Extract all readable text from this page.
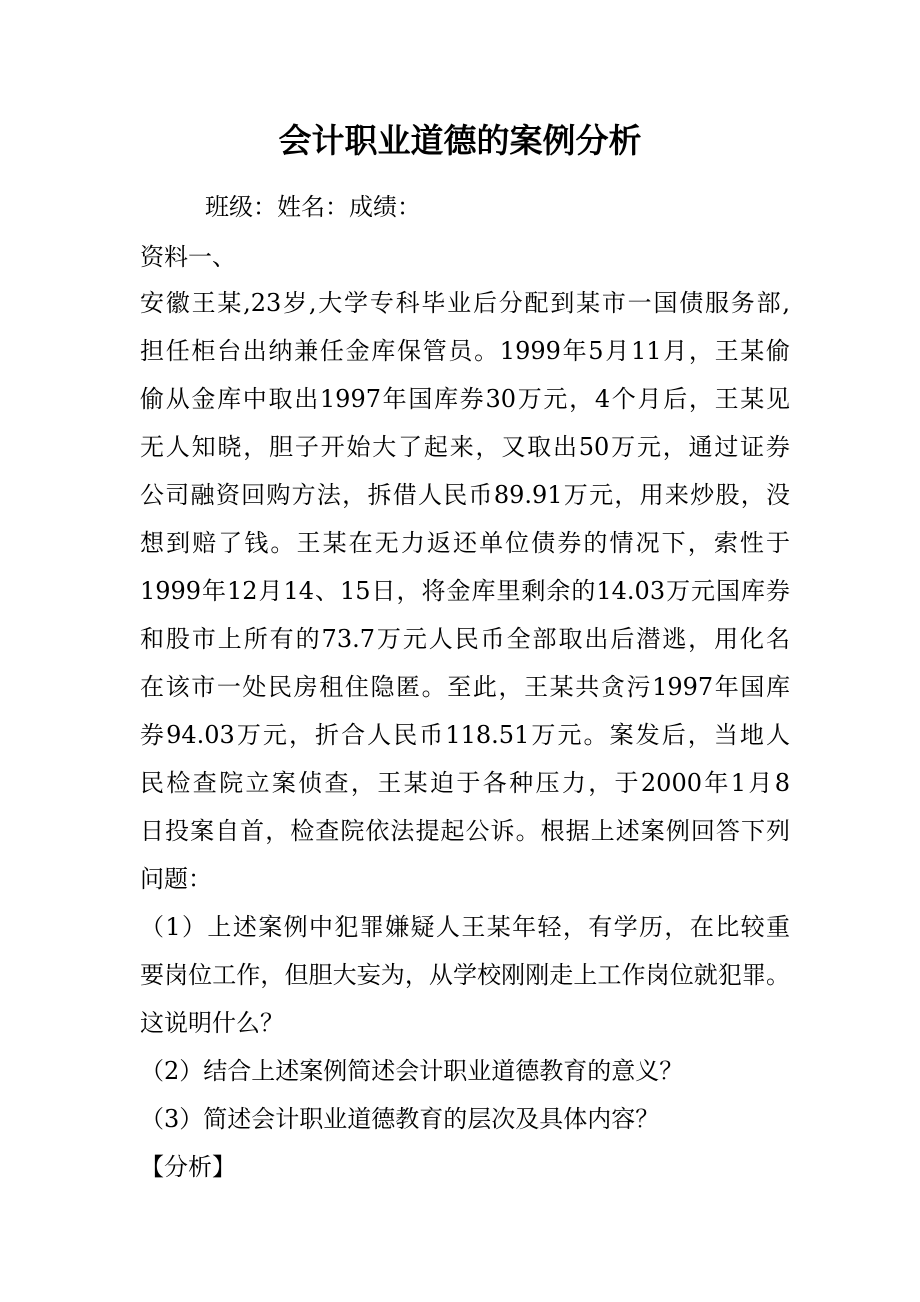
会计职业道德的案例分析
班级：姓名：成绩：
资料一、
安徽王某,23岁,大学专科毕业后分配到某市一国债服务部,
担任柜台出纳兼任金库保管员。1999年5月11月，王某偷
偷从金库中取出1997年国库券30万元，4个月后，王某见
无人知晓，胆子开始大了起来，又取出50万元，通过证券
公司融资回购方法，拆借人民币89.91万元，用来炒股，没
想到赔了钱。王某在无力返还单位债券的情况下，索性于
1999年12月14、15日，将金库里剩余的14.03万元国库券
和股市上所有的73.7万元人民币全部取出后潜逃，用化名
在该市一处民房租住隐匿。至此，王某共贪污1997年国库
券94.03万元，折合人民币118.51万元。案发后，当地人
民检查院立案侦查，王某迫于各种压力，于2000年1月8
日投案自首，检查院依法提起公诉。根据上述案例回答下列
问题：
（1）上述案例中犯罪嫌疑人王某年轻，有学历，在比较重
要岗位工作，但胆大妄为，从学校刚刚走上工作岗位就犯罪。
这说明什么？
（2）结合上述案例简述会计职业道德教育的意义？
（3）简述会计职业道德教育的层次及具体内容？
【分析】
